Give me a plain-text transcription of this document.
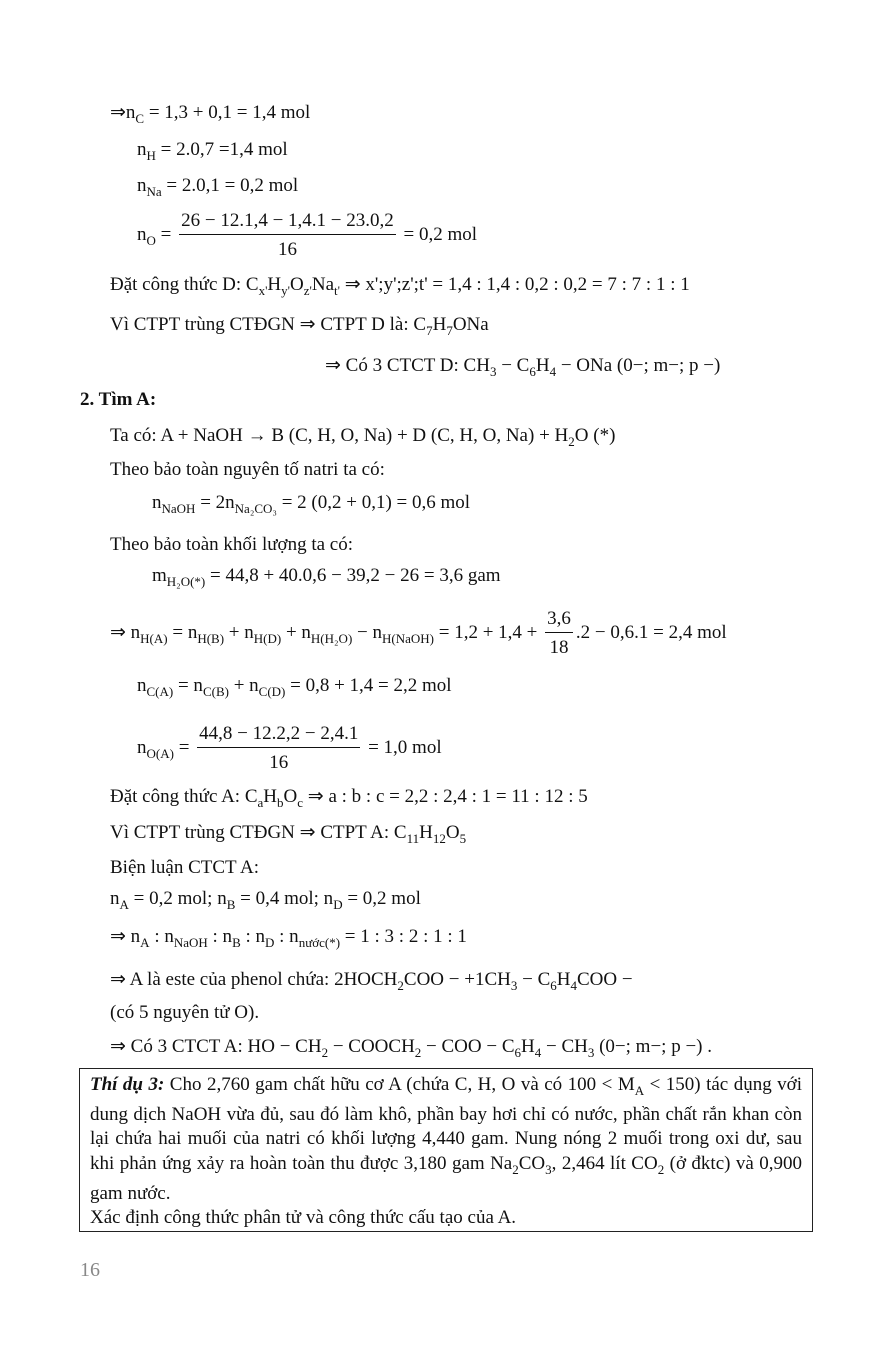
$\Rightarrow n_C = 1,3 + 0,1 = 1,4$ mol
$n_H = 2.0,7 =1,4$ mol
$n_{Na} = 2.0,1 = 0,2$ mol
$n_O = \frac{26 - 12.1,4 - 1,4.1 - 23.0,2}{16} = 0,2$ mol
Đặt công thức D: $C_{x'}H_{y'}O_{z'}Na_{t'}$ ⇒ x';y';z';t' = 1,4 : 1,4 : 0,2 : 0,2 = 7 : 7 : 1 : 1
Vì CTPT trùng CTĐGN ⇒ CTPT D là: $C_7H_7ONa$
⇒ Có 3 CTCT D: $CH_3 - C_6H_4$ − ONa (0−; m−; p −)
2. Tìm A:
Ta có: A + NaOH → B (C, H, O, Na) + D (C, H, O, $Na) + H_2O$ (*)
Theo bảo toàn nguyên tố natri ta có:
$n_{NaOH} = 2n_{Na_2CO_3} = 2$ (0,2 + 0,1) = 0,6 mol
Theo bảo toàn khối lượng ta có:
$m_{H_2O(*)} = 44,8 + 40.0,6 - 39,2 - 26 = 3,6$ gam
⇒ $n_{H(A)} = n_{H(B)} + n_{H(D)} + n_{H(H_2O)} - n_{H(NaOH)} = 1,2 + 1,4 + \frac{3,6}{18} .2 - 0,6.1 = 2,4$ mol
$n_{C(A)} = n_{C(B)} + n_{C(D)} = 0,8 + 1,4 = 2,2$ mol
$n_{O(A)} = \frac{44,8 - 12.2,2 - 2,4.1}{16} = 1,0$ mol
Đặt công thức A: $C_aH_bO_c$ ⇒ a : b : c = 2,2 : 2,4 : 1 = 11 : 12 : 5
Vì CTPT trùng CTĐGN ⇒ CTPT A: $C_{11}H_{12}O_5$
Biện luận CTCT A:
$n_A = 0,2$ mol; $n_B = 0,4$ mol; $n_D = 0,2$ mol
⇒ $n_A$ : $n_{NaOH}$ : $n_B$ : $n_D$ : $n_{nước(*)} = 1$ : 3 : 2 : 1 : 1
⇒ A là este của phenol chứa: $2HOCH_2COO - +1CH_3 - C_6H_4COO$ −
(có 5 nguyên tử O).
⇒ Có 3 CTCT A: HO − $CH_2$ − $COOCH_2$ − COO − $C_6H_4 - CH_3$ (0−; m−; p −) .
Thí dụ 3: Cho 2,760 gam chất hữu cơ A (chứa C, H, O và có $100 < M_A < 150$) tác dụng với dung dịch NaOH vừa đủ, sau đó làm khô, phần bay hơi chỉ có nước, phần chất rắn khan còn lại chứa hai muối của natri có khối lượng 4,440 gam. Nung nóng 2 muối trong oxi dư, sau khi phản ứng xảy ra hoàn toàn thu được 3,180 gam $Na_2CO_3$, 2,464 lít $CO_2$ (ở đktc) và 0,900 gam nước.
Xác định công thức phân tử và công thức cấu tạo của A.
16
